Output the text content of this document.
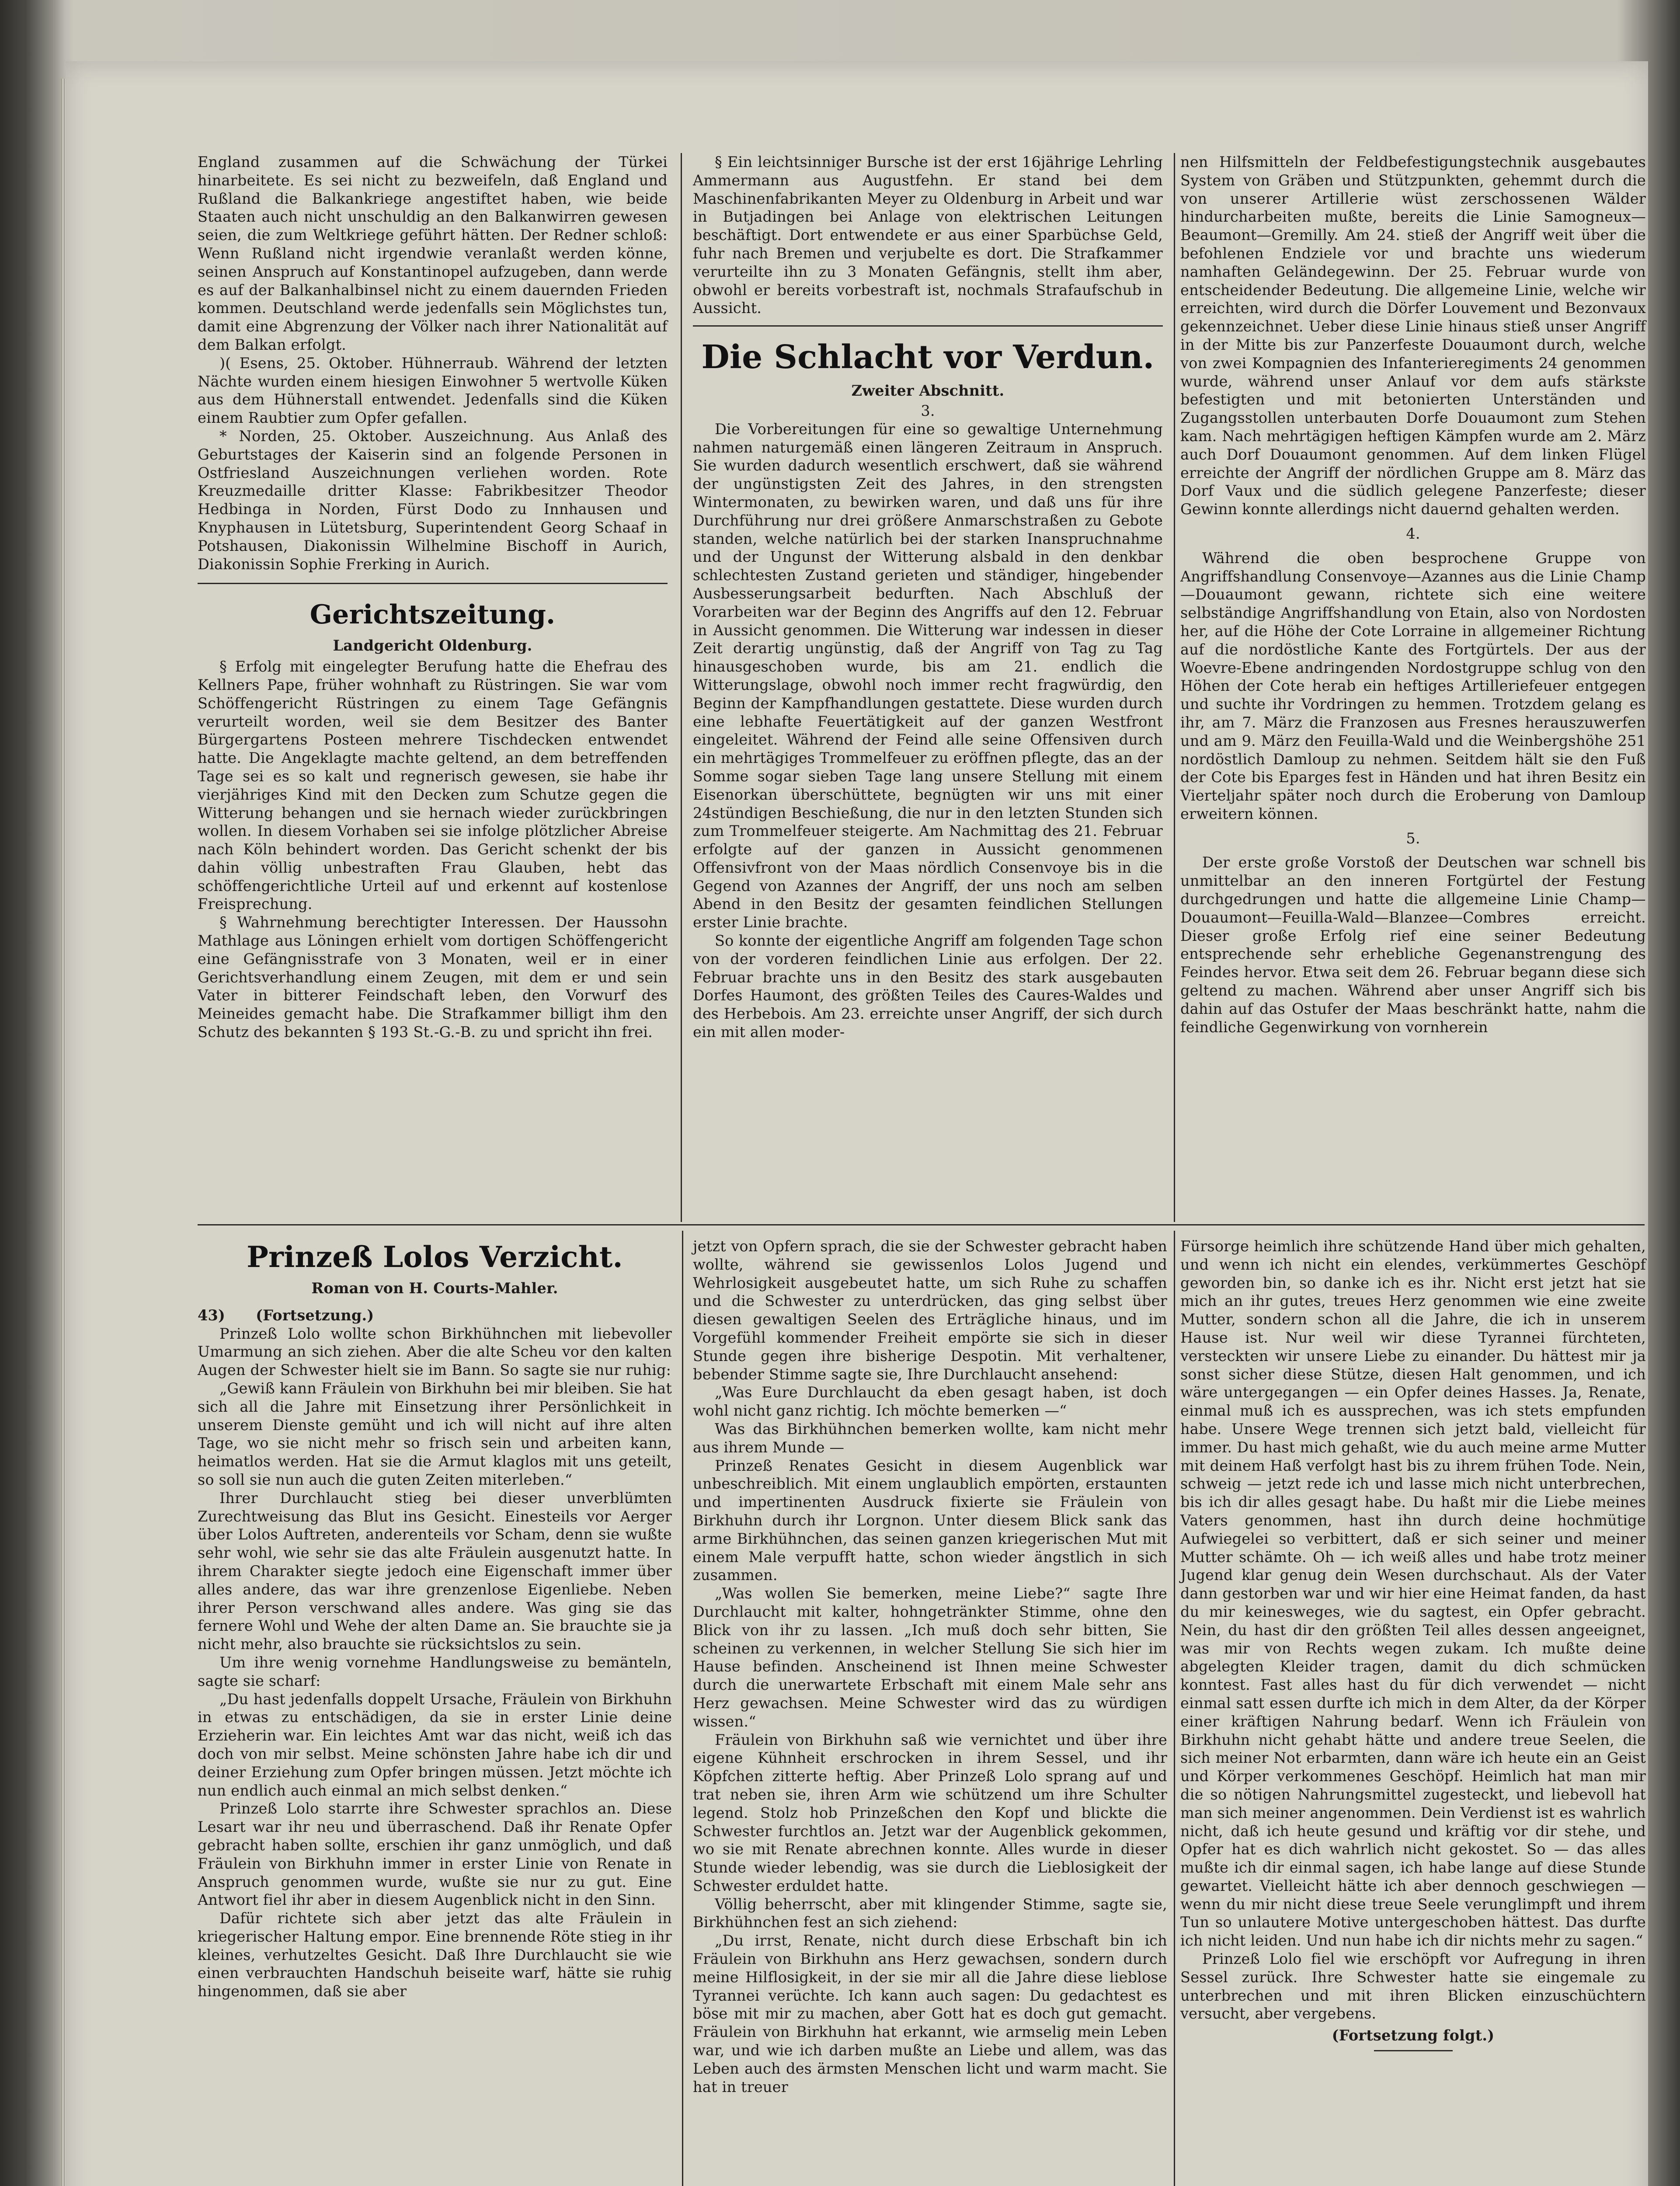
England zusammen auf die Schwächung der Türkei hinarbeitete. Es sei nicht zu bezweifeln, daß England und Rußland die Balkankriege angestiftet haben, wie beide Staaten auch nicht unschuldig an den Balkanwirren gewesen seien, die zum Weltkriege geführt hätten. Der Redner schloß: Wenn Rußland nicht irgendwie veranlaßt werden könne, seinen Anspruch auf Konstantinopel aufzugeben, dann werde es auf der Balkanhalbinsel nicht zu einem dauernden Frieden kommen. Deutschland werde jedenfalls sein Möglichstes tun, damit eine Abgrenzung der Völker nach ihrer Nationalität auf dem Balkan erfolgt.

)( Esens, 25. Oktober. Hühnerraub. Während der letzten Nächte wurden einem hiesigen Einwohner 5 wertvolle Küken aus dem Hühnerstall entwendet. Jedenfalls sind die Küken einem Raubtier zum Opfer gefallen.

* Norden, 25. Oktober. Auszeichnung. Aus Anlaß des Geburtstages der Kaiserin sind an folgende Personen in Ostfriesland Auszeichnungen verliehen worden. Rote Kreuzmedaille dritter Klasse: Fabrikbesitzer Theodor Hedbinga in Norden, Fürst Dodo zu Innhausen und Knyphausen in Lütetsburg, Superintendent Georg Schaaf in Potshausen, Diakonissin Wilhelmine Bischoff in Aurich, Diakonissin Sophie Frerking in Aurich.

Gerichtszeitung.
Landgericht Oldenburg.

§ Erfolg mit eingelegter Berufung hatte die Ehefrau des Kellners Pape, früher wohnhaft zu Rüstringen. Sie war vom Schöffengericht Rüstringen zu einem Tage Gefängnis verurteilt worden, weil sie dem Besitzer des Banter Bürgergartens Posteen mehrere Tischdecken entwendet hatte. Die Angeklagte machte geltend, an dem betreffenden Tage sei es so kalt und regnerisch gewesen, sie habe ihr vierjähriges Kind mit den Decken zum Schutze gegen die Witterung behangen und sie hernach wieder zurückbringen wollen. In diesem Vorhaben sei sie infolge plötzlicher Abreise nach Köln behindert worden. Das Gericht schenkt der bis dahin völlig unbestraften Frau Glauben, hebt das schöffengerichtliche Urteil auf und erkennt auf kostenlose Freisprechung.

§ Wahrnehmung berechtigter Interessen. Der Haussohn Mathlage aus Löningen erhielt vom dortigen Schöffengericht eine Gefängnisstrafe von 3 Monaten, weil er in einer Gerichtsverhandlung einem Zeugen, mit dem er und sein Vater in bitterer Feindschaft leben, den Vorwurf des Meineides gemacht habe. Die Strafkammer billigt ihm den Schutz des bekannten § 193 St.-G.-B. zu und spricht ihn frei.

§ Ein leichtsinniger Bursche ist der erst 16jährige Lehrling Ammermann aus Augustfehn. Er stand bei dem Maschinenfabrikanten Meyer zu Oldenburg in Arbeit und war in Butjadingen bei Anlage von elektrischen Leitungen beschäftigt. Dort entwendete er aus einer Sparbüchse Geld, fuhr nach Bremen und verjubelte es dort. Die Strafkammer verurteilte ihn zu 3 Monaten Gefängnis, stellt ihm aber, obwohl er bereits vorbestraft ist, nochmals Strafaufschub in Aussicht.

Die Schlacht vor Verdun.
Zweiter Abschnitt.
3.

Die Vorbereitungen für eine so gewaltige Unternehmung nahmen naturgemäß einen längeren Zeitraum in Anspruch. Sie wurden dadurch wesentlich erschwert, daß sie während der ungünstigsten Zeit des Jahres, in den strengsten Wintermonaten, zu bewirken waren, und daß uns für ihre Durchführung nur drei größere Anmarschstraßen zu Gebote standen, welche natürlich bei der starken Inanspruchnahme und der Ungunst der Witterung alsbald in den denkbar schlechtesten Zustand gerieten und ständiger, hingebender Ausbesserungsarbeit bedurften. Nach Abschluß der Vorarbeiten war der Beginn des Angriffs auf den 12. Februar in Aussicht genommen. Die Witterung war indessen in dieser Zeit derartig ungünstig, daß der Angriff von Tag zu Tag hinausgeschoben wurde, bis am 21. endlich die Witterungslage, obwohl noch immer recht fragwürdig, den Beginn der Kampfhandlungen gestattete. Diese wurden durch eine lebhafte Feuertätigkeit auf der ganzen Westfront eingeleitet. Während der Feind alle seine Offensiven durch ein mehrtägiges Trommelfeuer zu eröffnen pflegte, das an der Somme sogar sieben Tage lang unsere Stellung mit einem Eisenorkan überschüttete, begnügten wir uns mit einer 24stündigen Beschießung, die nur in den letzten Stunden sich zum Trommelfeuer steigerte. Am Nachmittag des 21. Februar erfolgte auf der ganzen in Aussicht genommenen Offensivfront von der Maas nördlich Consenvoye bis in die Gegend von Azannes der Angriff, der uns noch am selben Abend in den Besitz der gesamten feindlichen Stellungen erster Linie brachte.

So konnte der eigentliche Angriff am folgenden Tage schon von der vorderen feindlichen Linie aus erfolgen. Der 22. Februar brachte uns in den Besitz des stark ausgebauten Dorfes Haumont, des größten Teiles des Caures-Waldes und des Herbebois. Am 23. erreichte unser Angriff, der sich durch ein mit allen moder-

nen Hilfsmitteln der Feldbefestigungstechnik ausgebautes System von Gräben und Stützpunkten, gehemmt durch die von unserer Artillerie wüst zerschossenen Wälder hindurcharbeiten mußte, bereits die Linie Samogneux—Beaumont—Gremilly. Am 24. stieß der Angriff weit über die befohlenen Endziele vor und brachte uns wiederum namhaften Geländegewinn. Der 25. Februar wurde von entscheidender Bedeutung. Die allgemeine Linie, welche wir erreichten, wird durch die Dörfer Louvement und Bezonvaux gekennzeichnet. Ueber diese Linie hinaus stieß unser Angriff in der Mitte bis zur Panzerfeste Douaumont durch, welche von zwei Kompagnien des Infanterieregiments 24 genommen wurde, während unser Anlauf vor dem aufs stärkste befestigten und mit betonierten Unterständen und Zugangsstollen unterbauten Dorfe Douaumont zum Stehen kam. Nach mehrtägigen heftigen Kämpfen wurde am 2. März auch Dorf Douaumont genommen. Auf dem linken Flügel erreichte der Angriff der nördlichen Gruppe am 8. März das Dorf Vaux und die südlich gelegene Panzerfeste; dieser Gewinn konnte allerdings nicht dauernd gehalten werden.

4.

Während die oben besprochene Gruppe von Angriffshandlung Consenvoye—Azannes aus die Linie Champ—Douaumont gewann, richtete sich eine weitere selbständige Angriffshandlung von Etain, also von Nordosten her, auf die Höhe der Cote Lorraine in allgemeiner Richtung auf die nordöstliche Kante des Fortgürtels. Der aus der Woevre-Ebene andringenden Nordostgruppe schlug von den Höhen der Cote herab ein heftiges Artilleriefeuer entgegen und suchte ihr Vordringen zu hemmen. Trotzdem gelang es ihr, am 7. März die Franzosen aus Fresnes herauszuwerfen und am 9. März den Feuilla-Wald und die Weinbergshöhe 251 nordöstlich Damloup zu nehmen. Seitdem hält sie den Fuß der Cote bis Eparges fest in Händen und hat ihren Besitz ein Vierteljahr später noch durch die Eroberung von Damloup erweitern können.

5.

Der erste große Vorstoß der Deutschen war schnell bis unmittelbar an den inneren Fortgürtel der Festung durchgedrungen und hatte die allgemeine Linie Champ—Douaumont—Feuilla-Wald—Blanzee—Combres erreicht. Dieser große Erfolg rief eine seiner Bedeutung entsprechende sehr erhebliche Gegenanstrengung des Feindes hervor. Etwa seit dem 26. Februar begann diese sich geltend zu machen. Während aber unser Angriff sich bis dahin auf das Ostufer der Maas beschränkt hatte, nahm die feindliche Gegenwirkung von vornherein

Prinzeß Lolos Verzicht.
Roman von H. Courts-Mahler.
43) (Fortsetzung.)

Prinzeß Lolo wollte schon Birkhühnchen mit liebevoller Umarmung an sich ziehen. Aber die alte Scheu vor den kalten Augen der Schwester hielt sie im Bann. So sagte sie nur ruhig:

„Gewiß kann Fräulein von Birkhuhn bei mir bleiben. Sie hat sich all die Jahre mit Einsetzung ihrer Persönlichkeit in unserem Dienste gemüht und ich will nicht auf ihre alten Tage, wo sie nicht mehr so frisch sein und arbeiten kann, heimatlos werden. Hat sie die Armut klaglos mit uns geteilt, so soll sie nun auch die guten Zeiten miterleben.“

Ihrer Durchlaucht stieg bei dieser unverblümten Zurechtweisung das Blut ins Gesicht. Einesteils vor Aerger über Lolos Auftreten, anderenteils vor Scham, denn sie wußte sehr wohl, wie sehr sie das alte Fräulein ausgenutzt hatte. In ihrem Charakter siegte jedoch eine Eigenschaft immer über alles andere, das war ihre grenzenlose Eigenliebe. Neben ihrer Person verschwand alles andere. Was ging sie das fernere Wohl und Wehe der alten Dame an. Sie brauchte sie ja nicht mehr, also brauchte sie rücksichtslos zu sein.

Um ihre wenig vornehme Handlungsweise zu bemänteln, sagte sie scharf:

„Du hast jedenfalls doppelt Ursache, Fräulein von Birkhuhn in etwas zu entschädigen, da sie in erster Linie deine Erzieherin war. Ein leichtes Amt war das nicht, weiß ich das doch von mir selbst. Meine schönsten Jahre habe ich dir und deiner Erziehung zum Opfer bringen müssen. Jetzt möchte ich nun endlich auch einmal an mich selbst denken.“

Prinzeß Lolo starrte ihre Schwester sprachlos an. Diese Lesart war ihr neu und überraschend. Daß ihr Renate Opfer gebracht haben sollte, erschien ihr ganz unmöglich, und daß Fräulein von Birkhuhn immer in erster Linie von Renate in Anspruch genommen wurde, wußte sie nur zu gut. Eine Antwort fiel ihr aber in diesem Augenblick nicht in den Sinn.

Dafür richtete sich aber jetzt das alte Fräulein in kriegerischer Haltung empor. Eine brennende Röte stieg in ihr kleines, verhutzeltes Gesicht. Daß Ihre Durchlaucht sie wie einen verbrauchten Handschuh beiseite warf, hätte sie ruhig hingenommen, daß sie aber

jetzt von Opfern sprach, die sie der Schwester gebracht haben wollte, während sie gewissenlos Lolos Jugend und Wehrlosigkeit ausgebeutet hatte, um sich Ruhe zu schaffen und die Schwester zu unterdrücken, das ging selbst über diesen gewaltigen Seelen des Erträgliche hinaus, und im Vorgefühl kommender Freiheit empörte sie sich in dieser Stunde gegen ihre bisherige Despotin. Mit verhaltener, bebender Stimme sagte sie, Ihre Durchlaucht ansehend:

„Was Eure Durchlaucht da eben gesagt haben, ist doch wohl nicht ganz richtig. Ich möchte bemerken —“

Was das Birkhühnchen bemerken wollte, kam nicht mehr aus ihrem Munde —

Prinzeß Renates Gesicht in diesem Augenblick war unbeschreiblich. Mit einem unglaublich empörten, erstaunten und impertinenten Ausdruck fixierte sie Fräulein von Birkhuhn durch ihr Lorgnon. Unter diesem Blick sank das arme Birkhühnchen, das seinen ganzen kriegerischen Mut mit einem Male verpufft hatte, schon wieder ängstlich in sich zusammen.

„Was wollen Sie bemerken, meine Liebe?“ sagte Ihre Durchlaucht mit kalter, hohngetränkter Stimme, ohne den Blick von ihr zu lassen. „Ich muß doch sehr bitten, Sie scheinen zu verkennen, in welcher Stellung Sie sich hier im Hause befinden. Anscheinend ist Ihnen meine Schwester durch die unerwartete Erbschaft mit einem Male sehr ans Herz gewachsen. Meine Schwester wird das zu würdigen wissen.“

Fräulein von Birkhuhn saß wie vernichtet und über ihre eigene Kühnheit erschrocken in ihrem Sessel, und ihr Köpfchen zitterte heftig. Aber Prinzeß Lolo sprang auf und trat neben sie, ihren Arm wie schützend um ihre Schulter legend. Stolz hob Prinzeßchen den Kopf und blickte die Schwester furchtlos an. Jetzt war der Augenblick gekommen, wo sie mit Renate abrechnen konnte. Alles wurde in dieser Stunde wieder lebendig, was sie durch die Lieblosigkeit der Schwester erduldet hatte.

Völlig beherrscht, aber mit klingender Stimme, sagte sie, Birkhühnchen fest an sich ziehend:

„Du irrst, Renate, nicht durch diese Erbschaft bin ich Fräulein von Birkhuhn ans Herz gewachsen, sondern durch meine Hilflosigkeit, in der sie mir all die Jahre diese lieblose Tyrannei verüchte. Ich kann auch sagen: Du gedachtest es böse mit mir zu machen, aber Gott hat es doch gut gemacht. Fräulein von Birkhuhn hat erkannt, wie armselig mein Leben war, und wie ich darben mußte an Liebe und allem, was das Leben auch des ärmsten Menschen licht und warm macht. Sie hat in treuer

Fürsorge heimlich ihre schützende Hand über mich gehalten, und wenn ich nicht ein elendes, verkümmertes Geschöpf geworden bin, so danke ich es ihr. Nicht erst jetzt hat sie mich an ihr gutes, treues Herz genommen wie eine zweite Mutter, sondern schon all die Jahre, die ich in unserem Hause ist. Nur weil wir diese Tyrannei fürchteten, versteckten wir unsere Liebe zu einander. Du hättest mir ja sonst sicher diese Stütze, diesen Halt genommen, und ich wäre untergegangen — ein Opfer deines Hasses. Ja, Renate, einmal muß ich es aussprechen, was ich stets empfunden habe. Unsere Wege trennen sich jetzt bald, vielleicht für immer. Du hast mich gehaßt, wie du auch meine arme Mutter mit deinem Haß verfolgt hast bis zu ihrem frühen Tode. Nein, schweig — jetzt rede ich und lasse mich nicht unterbrechen, bis ich dir alles gesagt habe. Du haßt mir die Liebe meines Vaters genommen, hast ihn durch deine hochmütige Aufwiegelei so verbittert, daß er sich seiner und meiner Mutter schämte. Oh — ich weiß alles und habe trotz meiner Jugend klar genug dein Wesen durchschaut. Als der Vater dann gestorben war und wir hier eine Heimat fanden, da hast du mir keinesweges, wie du sagtest, ein Opfer gebracht. Nein, du hast dir den größten Teil alles dessen angeeignet, was mir von Rechts wegen zukam. Ich mußte deine abgelegten Kleider tragen, damit du dich schmücken konntest. Fast alles hast du für dich verwendet — nicht einmal satt essen durfte ich mich in dem Alter, da der Körper einer kräftigen Nahrung bedarf. Wenn ich Fräulein von Birkhuhn nicht gehabt hätte und andere treue Seelen, die sich meiner Not erbarmten, dann wäre ich heute ein an Geist und Körper verkommenes Geschöpf. Heimlich hat man mir die so nötigen Nahrungsmittel zugesteckt, und liebevoll hat man sich meiner angenommen. Dein Verdienst ist es wahrlich nicht, daß ich heute gesund und kräftig vor dir stehe, und Opfer hat es dich wahrlich nicht gekostet. So — das alles mußte ich dir einmal sagen, ich habe lange auf diese Stunde gewartet. Vielleicht hätte ich aber dennoch geschwiegen — wenn du mir nicht diese treue Seele verunglimpft und ihrem Tun so unlautere Motive untergeschoben hättest. Das durfte ich nicht leiden. Und nun habe ich dir nichts mehr zu sagen.“

Prinzeß Lolo fiel wie erschöpft vor Aufregung in ihren Sessel zurück. Ihre Schwester hatte sie eingemale zu unterbrechen und mit ihren Blicken einzuschüchtern versucht, aber vergebens.

(Fortsetzung folgt.)
